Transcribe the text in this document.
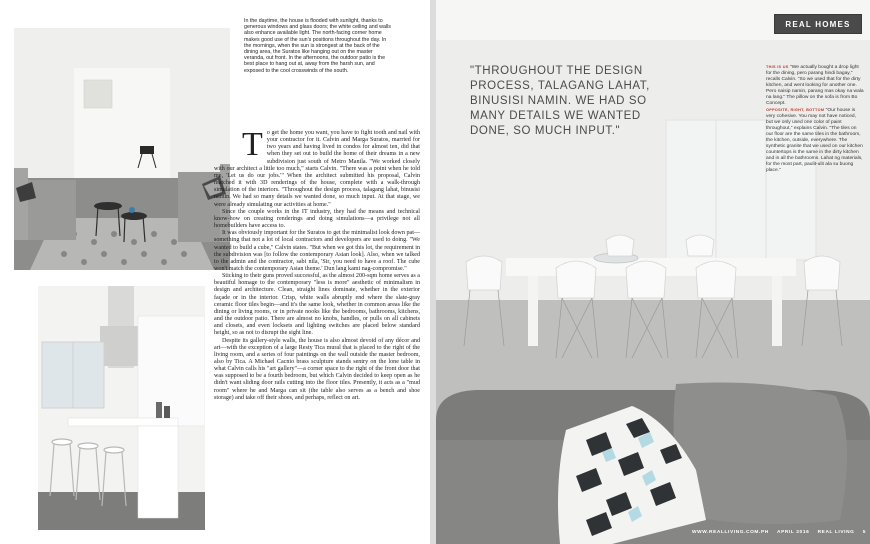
In the daytime, the house is flooded with sunlight, thanks to generous windows and glass doors; the white ceiling and walls also enhance available light. The north-facing corner home makes good use of the sun's positions throughout the day. In the mornings, when the sun is strongest at the back of the dining area, the Suratos like hanging out on the master veranda, out front. In the afternoons, the outdoor patio is the best place to hang out at, away from the harsh sun, and exposed to the cool crosswinds of the south.

To get the home you want, you have to fight tooth and nail with your contractor for it. Calvin and Marga Suratos, married for two years and having lived in condos for almost ten, did that when they set out to build the home of their dreams in a new subdivision just south of Metro Manila. "We worked closely with our architect a little too much," starts Calvin. "There was a point when he told me, 'Let us do our jobs.'" When the architect submitted his proposal, Calvin matched it with 3D renderings of the house, complete with a walk-through simulation of the interiors. "Throughout the design process, talagang lahat, binusisi namin. We had so many details we wanted done, so much input. At that stage, we were already simulating our activities at home."

Since the couple works in the IT industry, they had the means and technical know-how on creating renderings and doing simulations—a privilege not all homebuilders have access to.

It was obviously important for the Suratos to get the minimalist look down pat—something that not a lot of local contractors and developers are used to doing. "We wanted to build a cube," Calvin states. "But when we got this lot, the requirement in the subdivision was [to follow the contemporary Asian look]. Also, when we talked to the admin and the contractor, sabi nila, 'Sir, you need to have a roof. The cube won't match the contemporary Asian theme.' Dun lang kami nag-compromise."

Sticking to their guns proved successful, as the almost 200-sqm home serves as a beautiful homage to the contemporary "less is more" aesthetic of minimalism in design and architecture. Clean, straight lines dominate, whether in the exterior façade or in the interior. Crisp, white walls abruptly end where the slate-gray ceramic floor tiles begin—and it's the same look, whether in common areas like the dining or living rooms, or in private nooks like the bedrooms, bathrooms, kitchens, and the outdoor patio. There are almost no knobs, handles, or pulls on all cabinets and closets, and even locksets and lighting switches are placed below standard height, so as not to disrupt the sight line.

Despite its gallery-style walls, the house is also almost devoid of any décor and art—with the exception of a large Resty Tica mural that is placed to the right of the living room, and a series of four paintings on the wall outside the master bedroom, also by Tica. A Michael Cacnio brass sculpture stands sentry on the lone table in what Calvin calls his "art gallery"—a corner space to the right of the front door that was supposed to be a fourth bedroom, but which Calvin decided to keep open as he didn't want sliding door rails cutting into the floor tiles. Presently, it acts as a "mud room" where he and Marga can sit (the table also serves as a bench and shoe storage) and take off their shoes, and perhaps, reflect on art.

REAL HOMES
"THROUGHOUT THE DESIGN PROCESS, TALAGANG LAHAT, BINUSISI NAMIN. WE HAD SO MANY DETAILS WE WANTED DONE, SO MUCH INPUT."

THIS IS US "We actually bought a drop light for the dining, pero parang hindi bagay," recalls Calvin. "So we used that for the dirty kitchen, and went looking for another one. Pero naisip namin, parang mas okay na wala na lang." The pillow on the sofa is from Bo Concept.

OPPOSITE, RIGHT, BOTTOM "Our house is very cohesive. You may not have noticed, but we only used one color of paint throughout," explains Calvin. "The tiles on our floor are the same tiles in the bathroom, the kitchen, outside, everywhere. The synthetic granite that we used on our kitchen countertops is the same in the dirty kitchen and in all the bathrooms. Lahat ng materials, for the most part, paulit-ulit ala su buong place."

WWW.REALLIVING.COM.PH APRIL 2016 REAL LIVING 5
